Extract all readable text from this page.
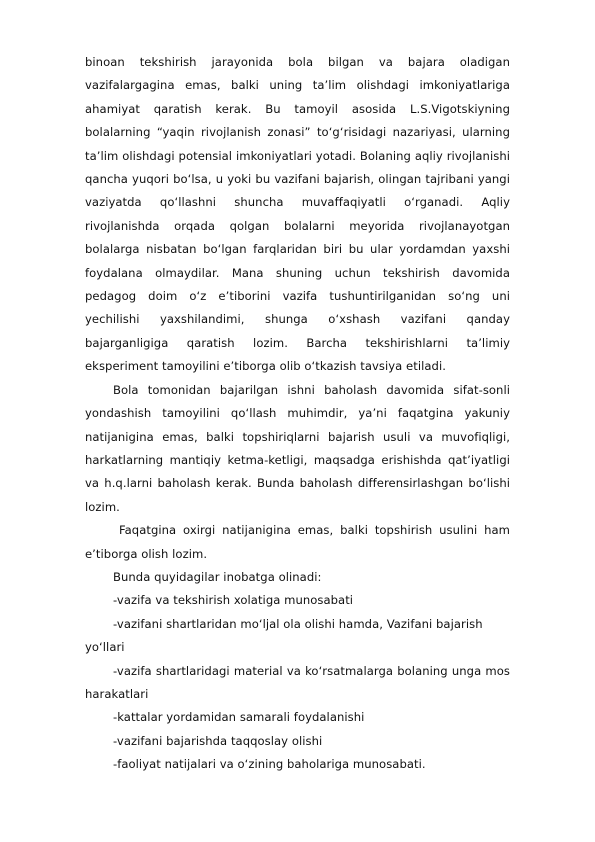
binoan tekshirish jarayonida bola bilgan va bajara oladigan vazifalargagina emas, balki uning ta’lim olishdagi imkoniyatlariga ahamiyat qaratish kerak. Bu tamoyil asosida L.S.Vigotskiyning bolalarning “yaqin rivojlanish zonasi” to‘g‘risidagi nazariyasi, ularning ta’lim olishdagi potensial imkoniyatlari yotadi. Bolaning aqliy rivojlanishi qancha yuqori bo‘lsa, u yoki bu vazifani bajarish, olingan tajribani yangi vaziyatda qo‘llashni shuncha muvaffaqiyatli o‘rganadi. Aqliy rivojlanishda orqada qolgan bolalarni meyorida rivojlanayotgan bolalarga nisbatan bo‘lgan farqlaridan biri bu ular yordamdan yaxshi foydalana olmaydilar. Mana shuning uchun tekshirish davomida pedagog doim o‘z e’tiborini vazifa tushuntirilganidan so‘ng uni yechilishi yaxshilandimi, shunga o‘xshash vazifani qanday bajarganligiga qaratish lozim. Barcha tekshirishlarni ta’limiy eksperiment tamoyilini e’tiborga olib o‘tkazish tavsiya etiladi.

Bola tomonidan bajarilgan ishni baholash davomida sifat-sonli yondashish tamoyilini qo‘llash muhimdir, ya’ni faqatgina yakuniy natijanigina emas, balki topshiriqlarni bajarish usuli va muvofiqligi, harkatlarning mantiqiy ketma-ketligi, maqsadga erishishda qat’iyatligi va h.q.larni baholash kerak. Bunda baholash differensirlashgan bo‘lishi lozim.

Faqatgina oxirgi natijanigina emas, balki topshirish usulini ham e’tiborga olish lozim.

Bunda quyidagilar inobatga olinadi:

-vazifa va tekshirish xolatiga munosabati

-vazifani shartlaridan mo‘ljal ola olishi hamda, Vazifani bajarish yo‘llari

-vazifa shartlaridagi material va ko‘rsatmalarga bolaning unga mos harakatlari

-kattalar yordamidan samarali foydalanishi

-vazifani bajarishda taqqoslay olishi

-faoliyat natijalari va o‘zining baholariga munosabati.
